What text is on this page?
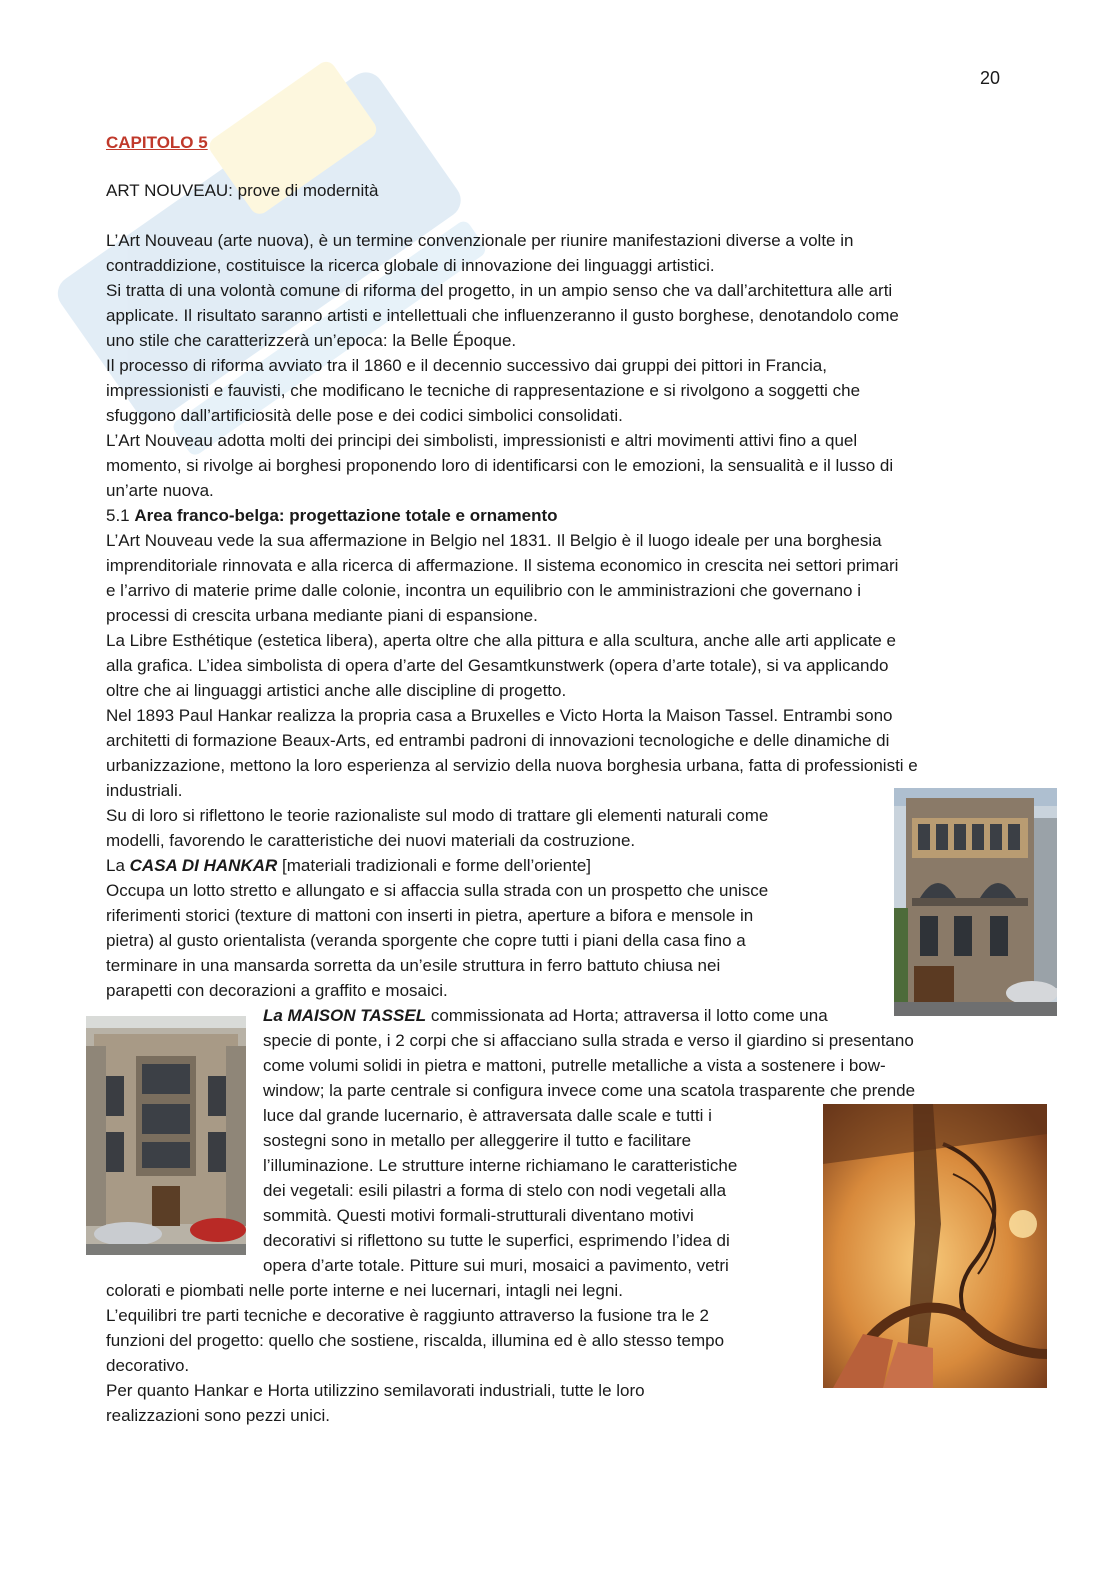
20
CAPITOLO 5
ART NOUVEAU: prove di modernità
L’Art Nouveau (arte nuova), è un termine convenzionale per riunire manifestazioni diverse a volte in
contraddizione, costituisce la ricerca globale di innovazione dei linguaggi artistici.
Si tratta di una volontà comune di riforma del progetto, in un ampio senso che va dall’architettura alle arti
applicate. Il risultato saranno artisti e intellettuali che influenzeranno il gusto borghese, denotandolo come
uno stile che caratterizzerà un’epoca: la Belle Époque.
Il processo di riforma avviato tra il 1860 e il decennio successivo dai gruppi dei pittori in Francia,
impressionisti e fauvisti, che modificano le tecniche di rappresentazione e si rivolgono a soggetti che
sfuggono dall’artificiosità delle pose e dei codici simbolici consolidati.
L’Art Nouveau adotta molti dei principi dei simbolisti, impressionisti e altri movimenti attivi fino a quel
momento, si rivolge ai borghesi proponendo loro di identificarsi con le emozioni, la sensualità e il lusso di
un’arte nuova.
5.1 Area franco-belga: progettazione totale e ornamento
L’Art Nouveau vede la sua affermazione in Belgio nel 1831. Il Belgio è il luogo ideale per una borghesia
imprenditoriale rinnovata e alla ricerca di affermazione. Il sistema economico in crescita nei settori primari
e l’arrivo di materie prime dalle colonie, incontra un equilibrio con le amministrazioni che governano i
processi di crescita urbana mediante piani di espansione.
La Libre Esthétique (estetica libera), aperta oltre che alla pittura e alla scultura, anche alle arti applicate e
alla grafica. L’idea simbolista di opera d’arte del Gesamtkunstwerk (opera d’arte totale), si va applicando
oltre che ai linguaggi artistici anche alle discipline di progetto.
Nel 1893 Paul Hankar realizza la propria casa a Bruxelles e Victo Horta la Maison Tassel. Entrambi sono
architetti di formazione Beaux-Arts, ed entrambi padroni di innovazioni tecnologiche e delle dinamiche di
urbanizzazione, mettono la loro esperienza al servizio della nuova borghesia urbana, fatta di professionisti e
industriali.
Su di loro si riflettono le teorie razionaliste sul modo di trattare gli elementi naturali come
modelli, favorendo le caratteristiche dei nuovi materiali da costruzione.
La CASA DI HANKAR [materiali tradizionali e forme dell’oriente]
Occupa un lotto stretto e allungato e si affaccia sulla strada con un prospetto che unisce
riferimenti storici (texture di mattoni con inserti in pietra, aperture a bifora e mensole in
pietra) al gusto orientalista (veranda sporgente che copre tutti i piani della casa fino a
terminare in una mansarda sorretta da un’esile struttura in ferro battuto chiusa nei
parapetti con decorazioni a graffito e mosaici.
La MAISON TASSEL commissionata ad Horta; attraversa il lotto come una
specie di ponte, i 2 corpi che si affacciano sulla strada e verso il giardino si presentano
come volumi solidi in pietra e mattoni, putrelle metalliche a vista a sostenere i bow-
window; la parte centrale si configura invece come una scatola trasparente che prende
luce dal grande lucernario, è attraversata dalle scale e tutti i
sostegni sono in metallo per alleggerire il tutto e facilitare
l’illuminazione. Le strutture interne richiamano le caratteristiche
dei vegetali: esili pilastri a forma di stelo con nodi vegetali alla
sommità. Questi motivi formali-strutturali diventano motivi
decorativi si riflettono su tutte le superfici, esprimendo l’idea di
opera d’arte totale. Pitture sui muri, mosaici a pavimento, vetri
colorati e piombati nelle porte interne e nei lucernari, intagli nei legni.
L’equilibri tre parti tecniche e decorative è raggiunto attraverso la fusione tra le 2
funzioni del progetto: quello che sostiene, riscalda, illumina ed è allo stesso tempo
decorativo.
Per quanto Hankar e Horta utilizzino semilavorati industriali, tutte le loro
realizzazioni sono pezzi unici.
